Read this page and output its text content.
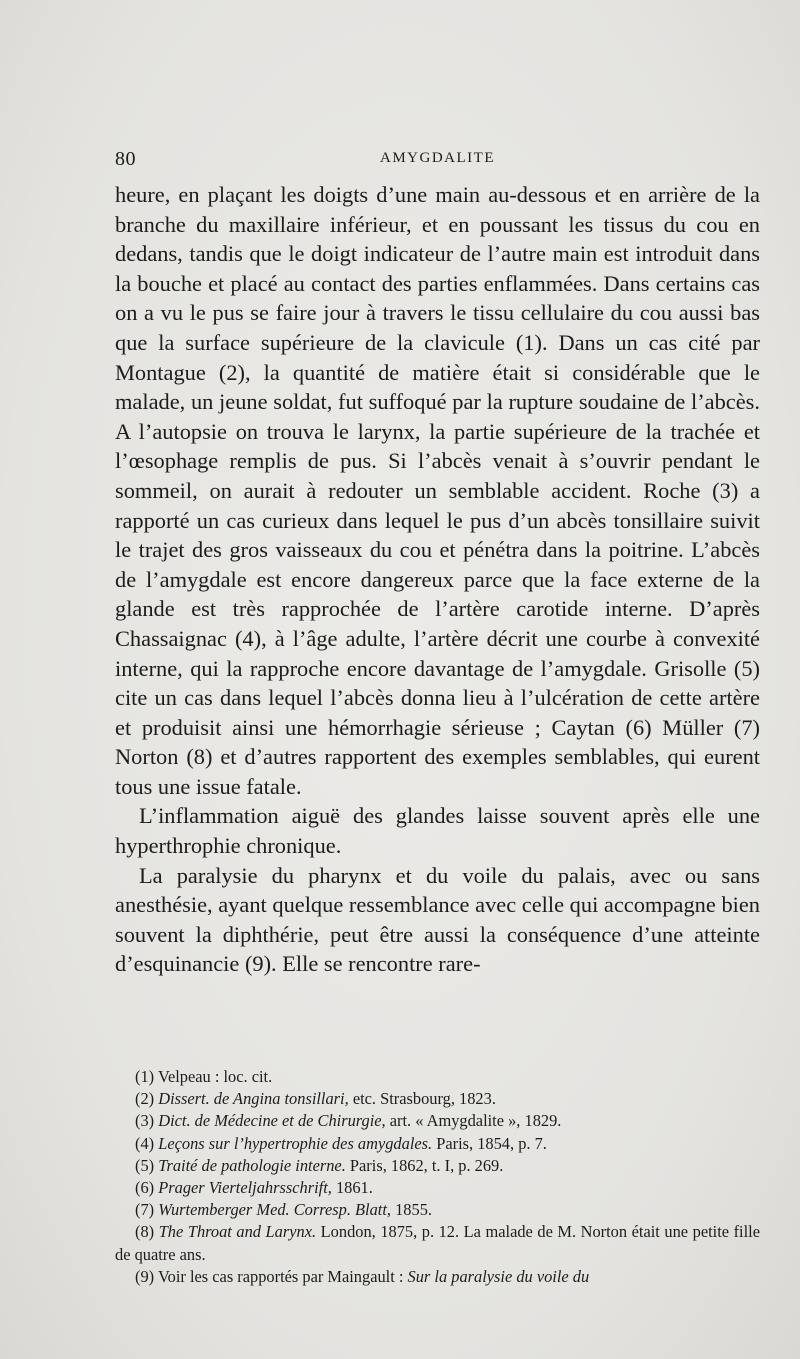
80	AMYGDALITE

heure, en plaçant les doigts d’une main au-dessous et en arrière de la branche du maxillaire inférieur, et en poussant les tissus du cou en dedans, tandis que le doigt indicateur de l’autre main est introduit dans la bouche et placé au contact des parties enflammées. Dans certains cas on a vu le pus se faire jour à travers le tissu cellulaire du cou aussi bas que la surface supérieure de la clavicule (1). Dans un cas cité par Montague (2), la quantité de matière était si considérable que le malade, un jeune soldat, fut suffoqué par la rupture soudaine de l’abcès. A l’autopsie on trouva le larynx, la partie supérieure de la trachée et l’œsophage remplis de pus. Si l’abcès venait à s’ouvrir pendant le sommeil, on aurait à redouter un semblable accident. Roche (3) a rapporté un cas curieux dans lequel le pus d’un abcès tonsillaire suivit le trajet des gros vaisseaux du cou et pénétra dans la poitrine. L’abcès de l’amygdale est encore dangereux parce que la face externe de la glande est très rapprochée de l’artère carotide interne. D’après Chassaignac (4), à l’âge adulte, l’artère décrit une courbe à convexité interne, qui la rapproche encore davantage de l’amygdale. Grisolle (5) cite un cas dans lequel l’abcès donna lieu à l’ulcération de cette artère et produisit ainsi une hémorrhagie sérieuse ; Caytan (6) Müller (7) Norton (8) et d’autres rapportent des exemples semblables, qui eurent tous une issue fatale.

L’inflammation aiguë des glandes laisse souvent après elle une hyperthrophie chronique.

La paralysie du pharynx et du voile du palais, avec ou sans anesthésie, ayant quelque ressemblance avec celle qui accompagne bien souvent la diphthérie, peut être aussi la conséquence d’une atteinte d’esquinancie (9). Elle se rencontre rare-

(1) Velpeau : loc. cit.

(2) Dissert. de Angina tonsillari, etc. Strasbourg, 1823.

(3) Dict. de Médecine et de Chirurgie, art. « Amygdalite », 1829.

(4) Leçons sur l’hypertrophie des amygdales. Paris, 1854, p. 7.

(5) Traité de pathologie interne. Paris, 1862, t. I, p. 269.

(6) Prager Vierteljahrsschrift, 1861.

(7) Wurtemberger Med. Corresp. Blatt, 1855.

(8) The Throat and Larynx. London, 1875, p. 12. La malade de M. Norton était une petite fille de quatre ans.

(9) Voir les cas rapportés par Maingault : Sur la paralysie du voile du
